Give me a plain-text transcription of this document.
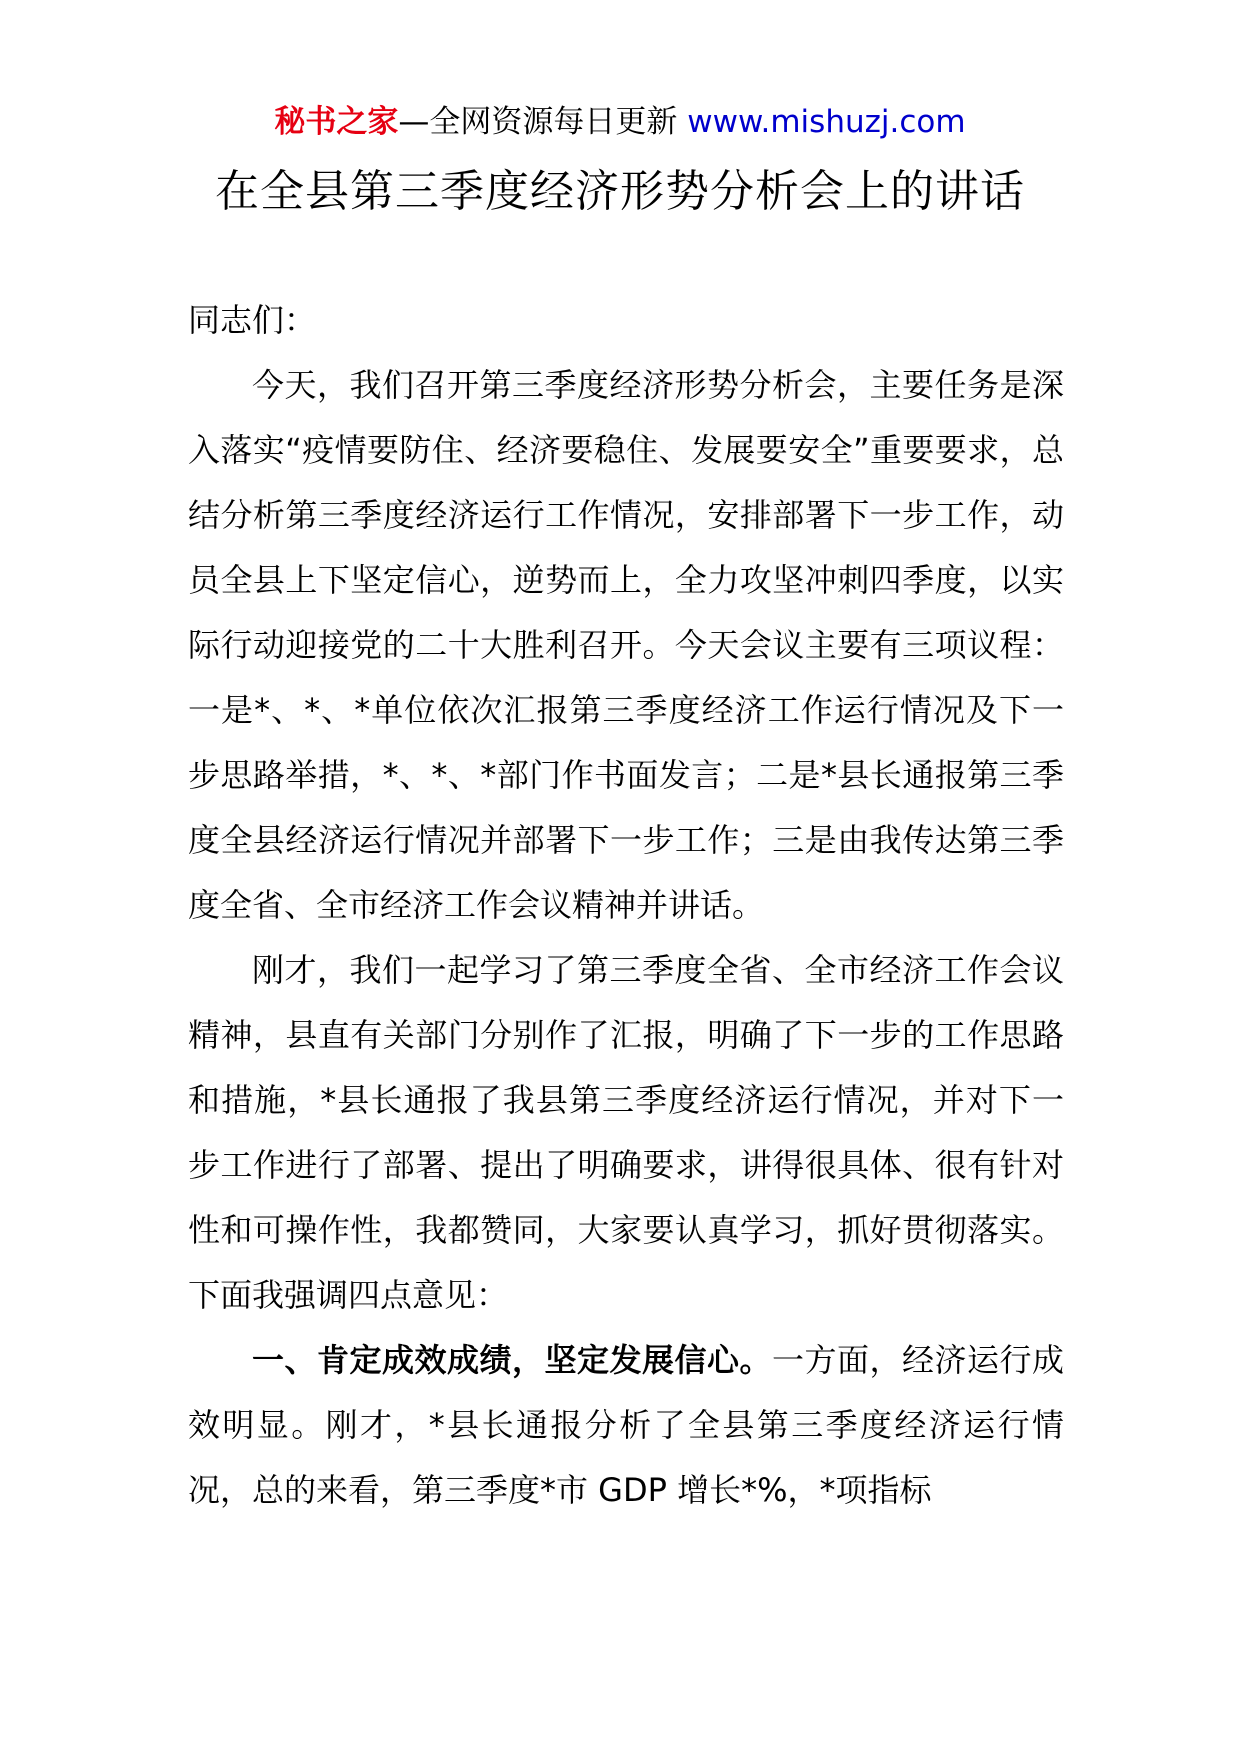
秘书之家—全网资源每日更新 www.mishuzj.com
在全县第三季度经济形势分析会上的讲话

同志们：

今天，我们召开第三季度经济形势分析会，主要任务是深入落实“疫情要防住、经济要稳住、发展要安全”重要要求，总结分析第三季度经济运行工作情况，安排部署下一步工作，动员全县上下坚定信心，逆势而上，全力攻坚冲刺四季度，以实际行动迎接党的二十大胜利召开。今天会议主要有三项议程：一是*、*、*单位依次汇报第三季度经济工作运行情况及下一步思路举措，*、*、*部门作书面发言；二是*县长通报第三季度全县经济运行情况并部署下一步工作；三是由我传达第三季度全省、全市经济工作会议精神并讲话。

刚才，我们一起学习了第三季度全省、全市经济工作会议精神，县直有关部门分别作了汇报，明确了下一步的工作思路和措施，*县长通报了我县第三季度经济运行情况，并对下一步工作进行了部署、提出了明确要求，讲得很具体、很有针对性和可操作性，我都赞同，大家要认真学习，抓好贯彻落实。下面我强调四点意见：

一、肯定成效成绩，坚定发展信心。一方面，经济运行成效明显。刚才，*县长通报分析了全县第三季度经济运行情况，总的来看，第三季度*市 GDP 增长*%，*项指标
